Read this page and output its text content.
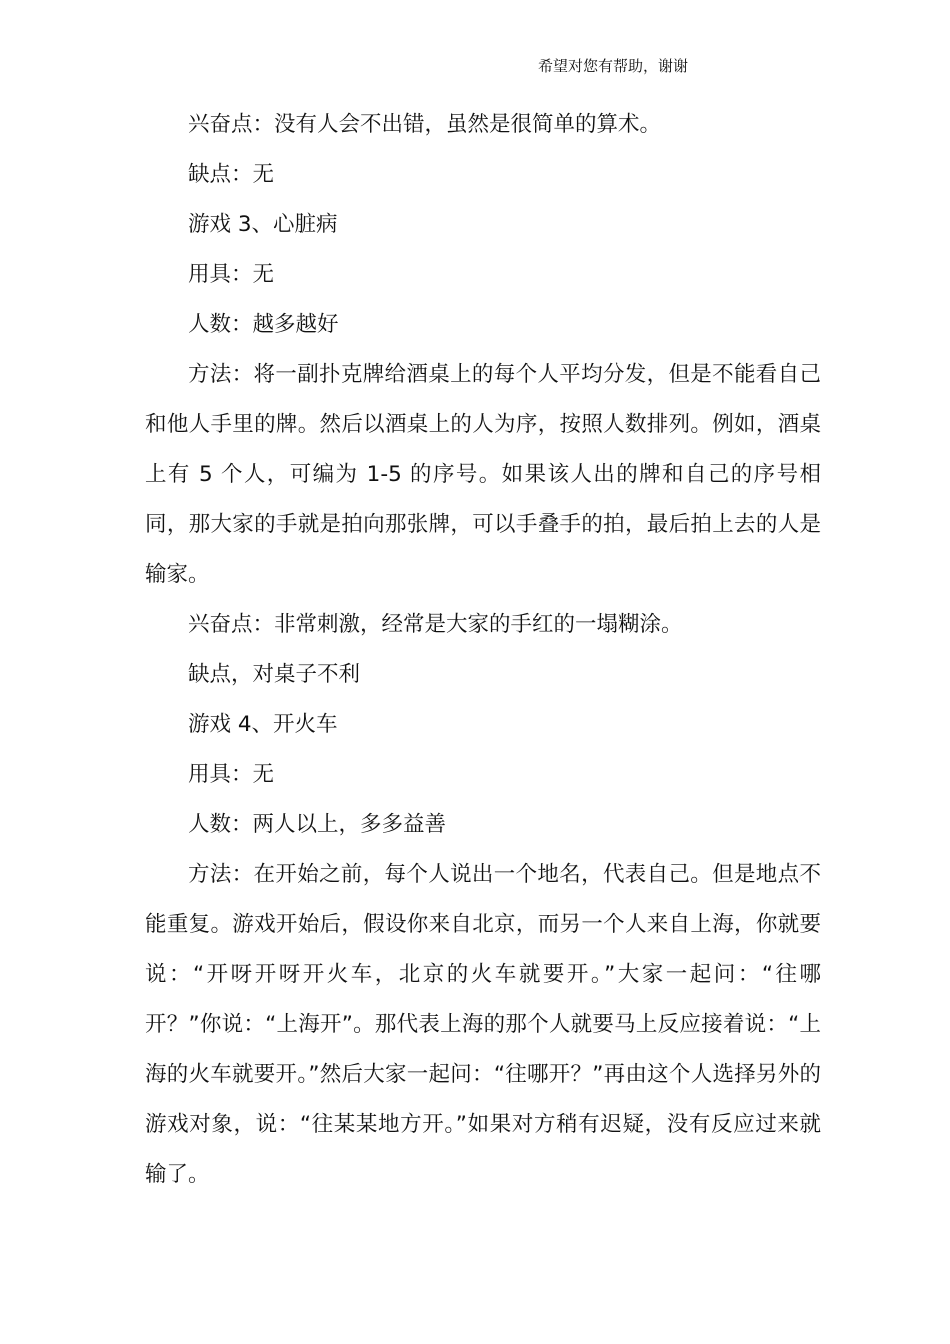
希望对您有帮助，谢谢

兴奋点：没有人会不出错，虽然是很简单的算术。

缺点：无

游戏 3、心脏病

用具：无

人数：越多越好

方法：将一副扑克牌给酒桌上的每个人平均分发，但是不能看自己和他人手里的牌。然后以酒桌上的人为序，按照人数排列。例如，酒桌上有 5 个人，可编为 1-5 的序号。如果该人出的牌和自己的序号相同，那大家的手就是拍向那张牌，可以手叠手的拍，最后拍上去的人是输家。

兴奋点：非常刺激，经常是大家的手红的一塌糊涂。

缺点，对桌子不利

游戏 4、开火车

用具：无

人数：两人以上，多多益善

方法：在开始之前，每个人说出一个地名，代表自己。但是地点不能重复。游戏开始后，假设你来自北京，而另一个人来自上海，你就要说：“开呀开呀开火车，北京的火车就要开。”大家一起问：“往哪开？”你说：“上海开”。那代表上海的那个人就要马上反应接着说：“上海的火车就要开。”然后大家一起问：“往哪开？”再由这个人选择另外的游戏对象，说：“往某某地方开。”如果对方稍有迟疑，没有反应过来就输了。
